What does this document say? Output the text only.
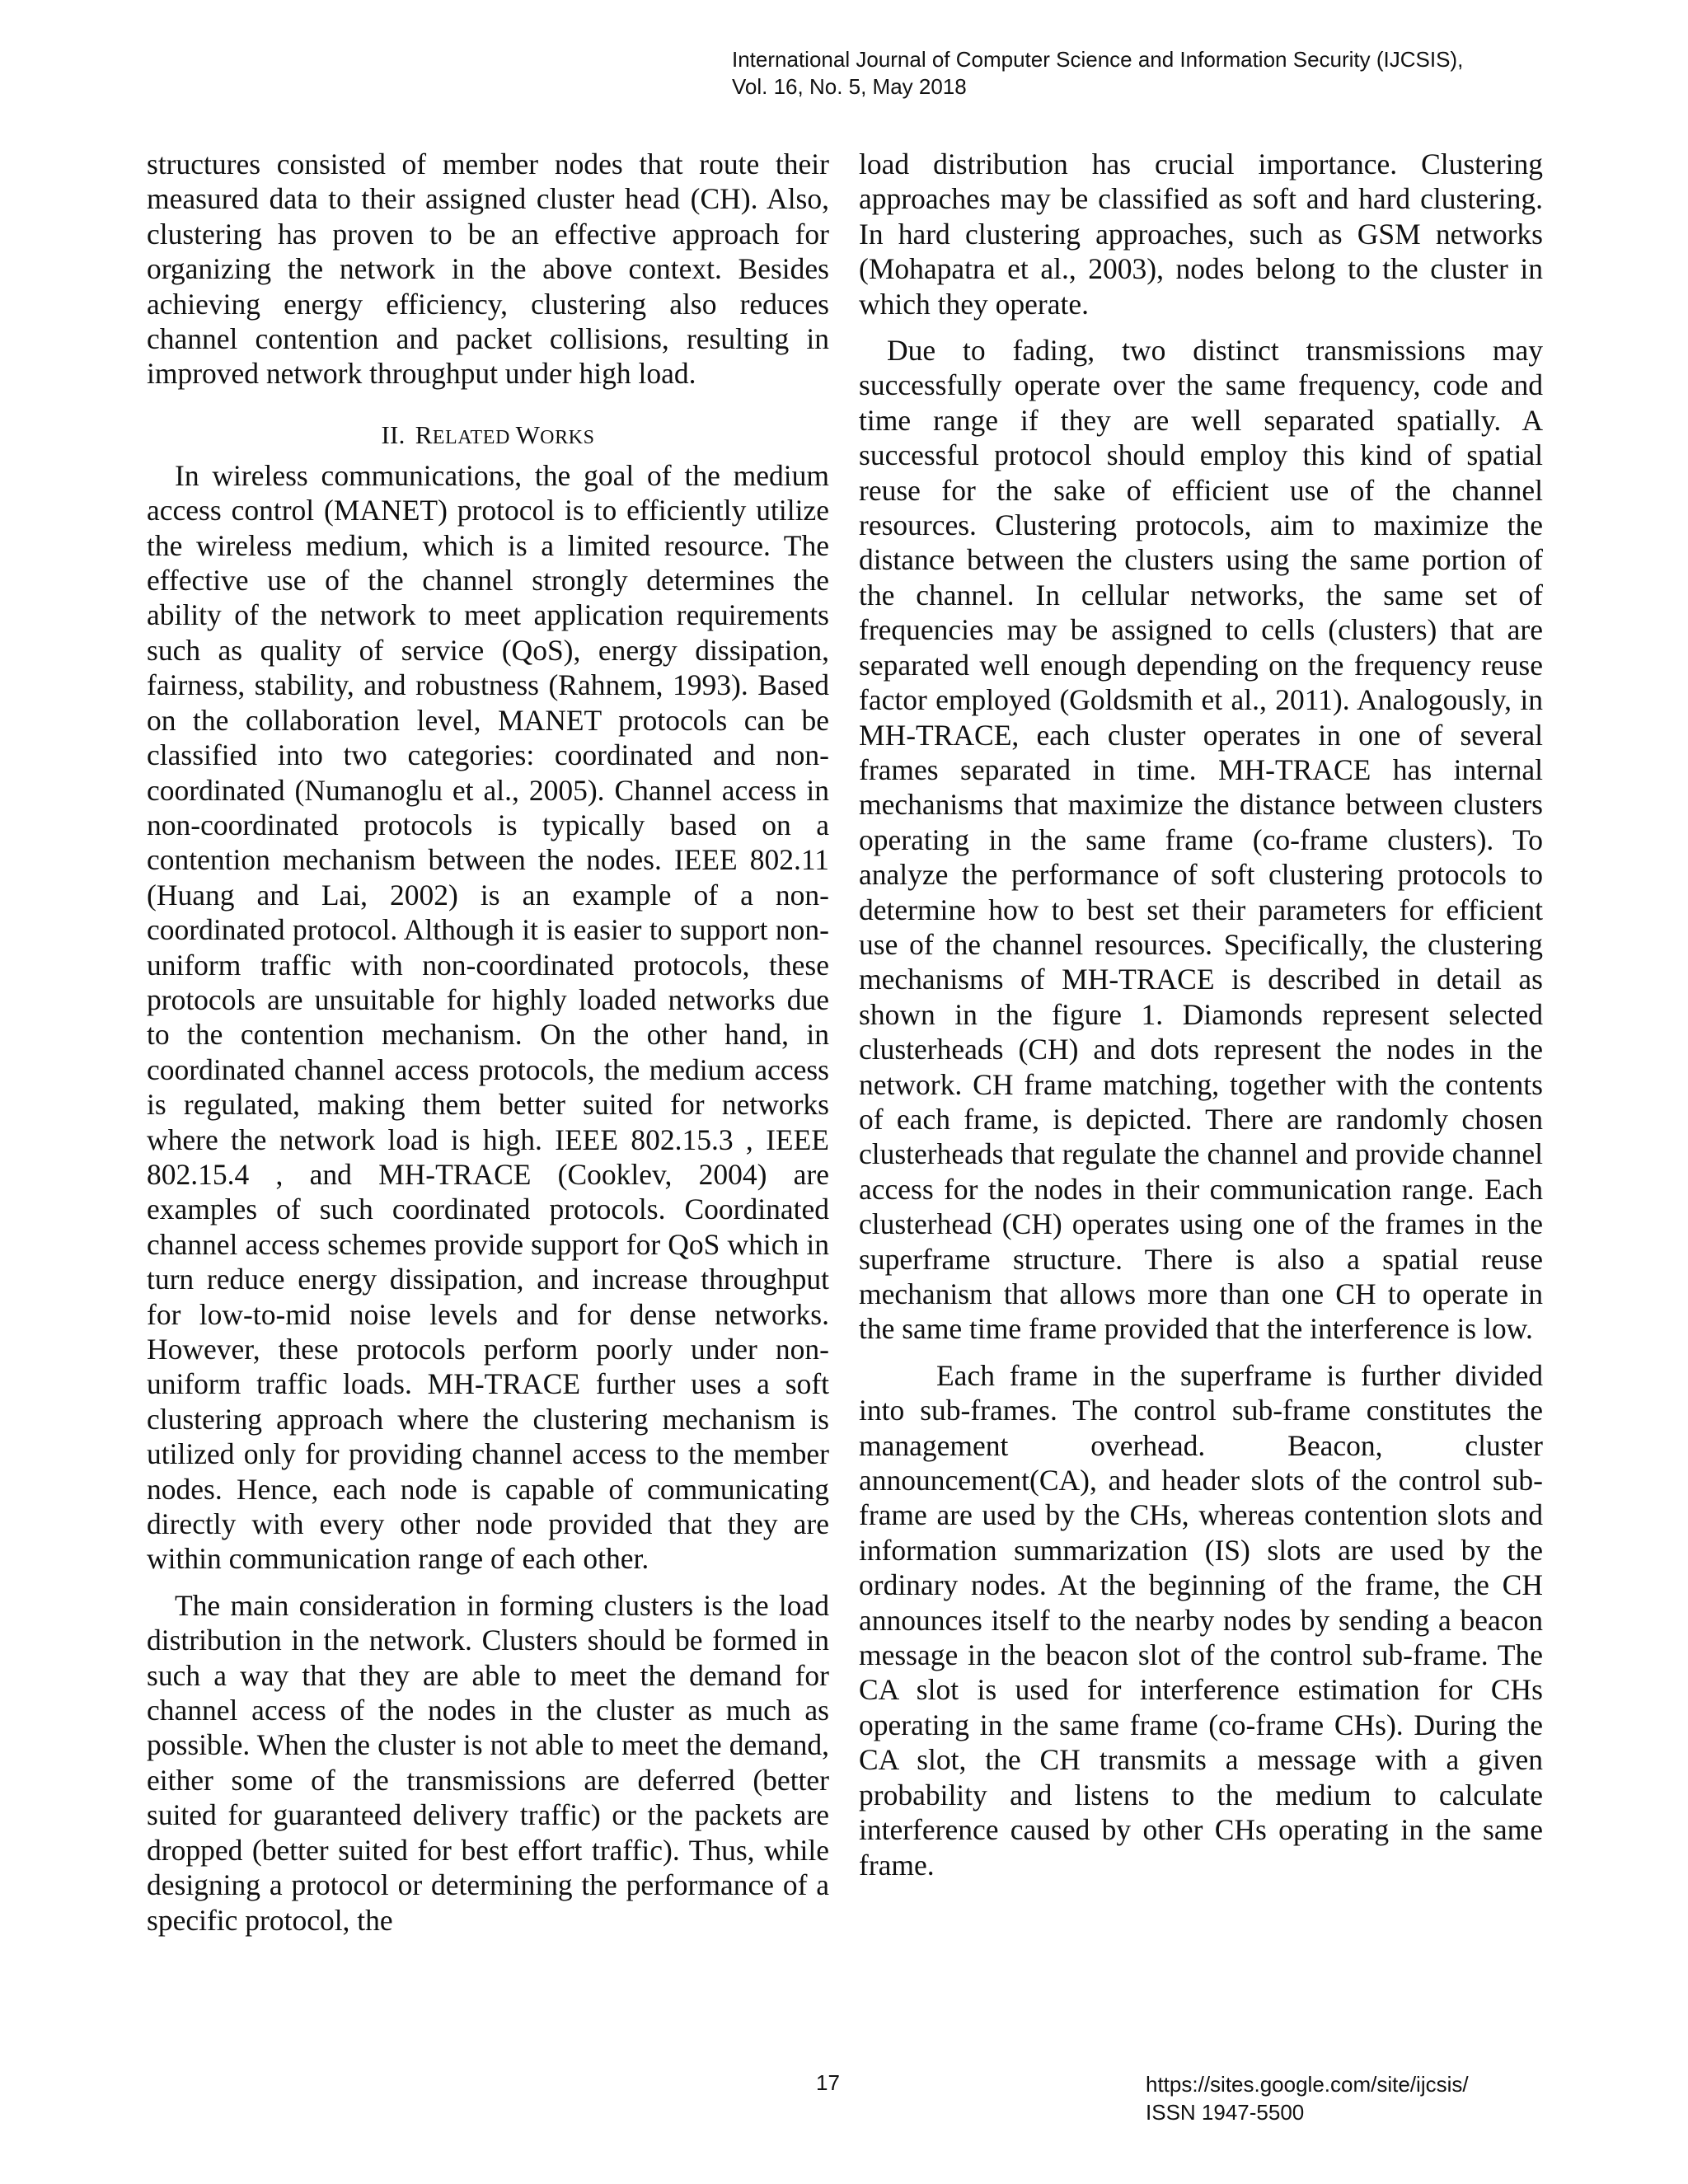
International Journal of Computer Science and Information Security (IJCSIS),
Vol. 16, No. 5, May 2018

structures consisted of member nodes that route their measured data to their assigned cluster head (CH). Also, clustering has proven to be an effective approach for organizing the network in the above context. Besides achieving energy efficiency, clustering also reduces channel contention and packet collisions, resulting in improved network throughput under high load.

II. RELATED WORKS

In wireless communications, the goal of the medium access control (MANET) protocol is to efficiently utilize the wireless medium, which is a limited resource. The effective use of the channel strongly determines the ability of the network to meet application requirements such as quality of service (QoS), energy dissipation, fairness, stability, and robustness (Rahnem, 1993). Based on the collaboration level, MANET protocols can be classified into two categories: coordinated and non-coordinated (Numanoglu et al., 2005). Channel access in non-coordinated protocols is typically based on a contention mechanism between the nodes. IEEE 802.11 (Huang and Lai, 2002) is an example of a non-coordinated protocol. Although it is easier to support non-uniform traffic with non-coordinated protocols, these protocols are unsuitable for highly loaded networks due to the contention mechanism. On the other hand, in coordinated channel access protocols, the medium access is regulated, making them better suited for networks where the network load is high. IEEE 802.15.3 , IEEE 802.15.4 , and MH-TRACE (Cooklev, 2004) are examples of such coordinated protocols. Coordinated channel access schemes provide support for QoS which in turn reduce energy dissipation, and increase throughput for low-to-mid noise levels and for dense networks. However, these protocols perform poorly under non-uniform traffic loads. MH-TRACE further uses a soft clustering approach where the clustering mechanism is utilized only for providing channel access to the member nodes. Hence, each node is capable of communicating directly with every other node provided that they are within communication range of each other.

The main consideration in forming clusters is the load distribution in the network. Clusters should be formed in such a way that they are able to meet the demand for channel access of the nodes in the cluster as much as possible. When the cluster is not able to meet the demand, either some of the transmissions are deferred (better suited for guaranteed delivery traffic) or the packets are dropped (better suited for best effort traffic). Thus, while designing a protocol or determining the performance of a specific protocol, the

load distribution has crucial importance. Clustering approaches may be classified as soft and hard clustering. In hard clustering approaches, such as GSM networks (Mohapatra et al., 2003), nodes belong to the cluster in which they operate.

Due to fading, two distinct transmissions may successfully operate over the same frequency, code and time range if they are well separated spatially. A successful protocol should employ this kind of spatial reuse for the sake of efficient use of the channel resources. Clustering protocols, aim to maximize the distance between the clusters using the same portion of the channel. In cellular networks, the same set of frequencies may be assigned to cells (clusters) that are separated well enough depending on the frequency reuse factor employed (Goldsmith et al., 2011). Analogously, in MH-TRACE, each cluster operates in one of several frames separated in time. MH-TRACE has internal mechanisms that maximize the distance between clusters operating in the same frame (co-frame clusters). To analyze the performance of soft clustering protocols to determine how to best set their parameters for efficient use of the channel resources. Specifically, the clustering mechanisms of MH-TRACE is described in detail as shown in the figure 1. Diamonds represent selected clusterheads (CH) and dots represent the nodes in the network. CH frame matching, together with the contents of each frame, is depicted. There are randomly chosen clusterheads that regulate the channel and provide channel access for the nodes in their communication range. Each clusterhead (CH) operates using one of the frames in the superframe structure. There is also a spatial reuse mechanism that allows more than one CH to operate in the same time frame provided that the interference is low.

Each frame in the superframe is further divided into sub-frames. The control sub-frame constitutes the management overhead. Beacon, cluster announcement(CA), and header slots of the control sub-frame are used by the CHs, whereas contention slots and information summarization (IS) slots are used by the ordinary nodes. At the beginning of the frame, the CH announces itself to the nearby nodes by sending a beacon message in the beacon slot of the control sub-frame. The CA slot is used for interference estimation for CHs operating in the same frame (co-frame CHs). During the CA slot, the CH transmits a message with a given probability and listens to the medium to calculate interference caused by other CHs operating in the same frame.

17	https://sites.google.com/site/ijcsis/
ISSN 1947-5500
